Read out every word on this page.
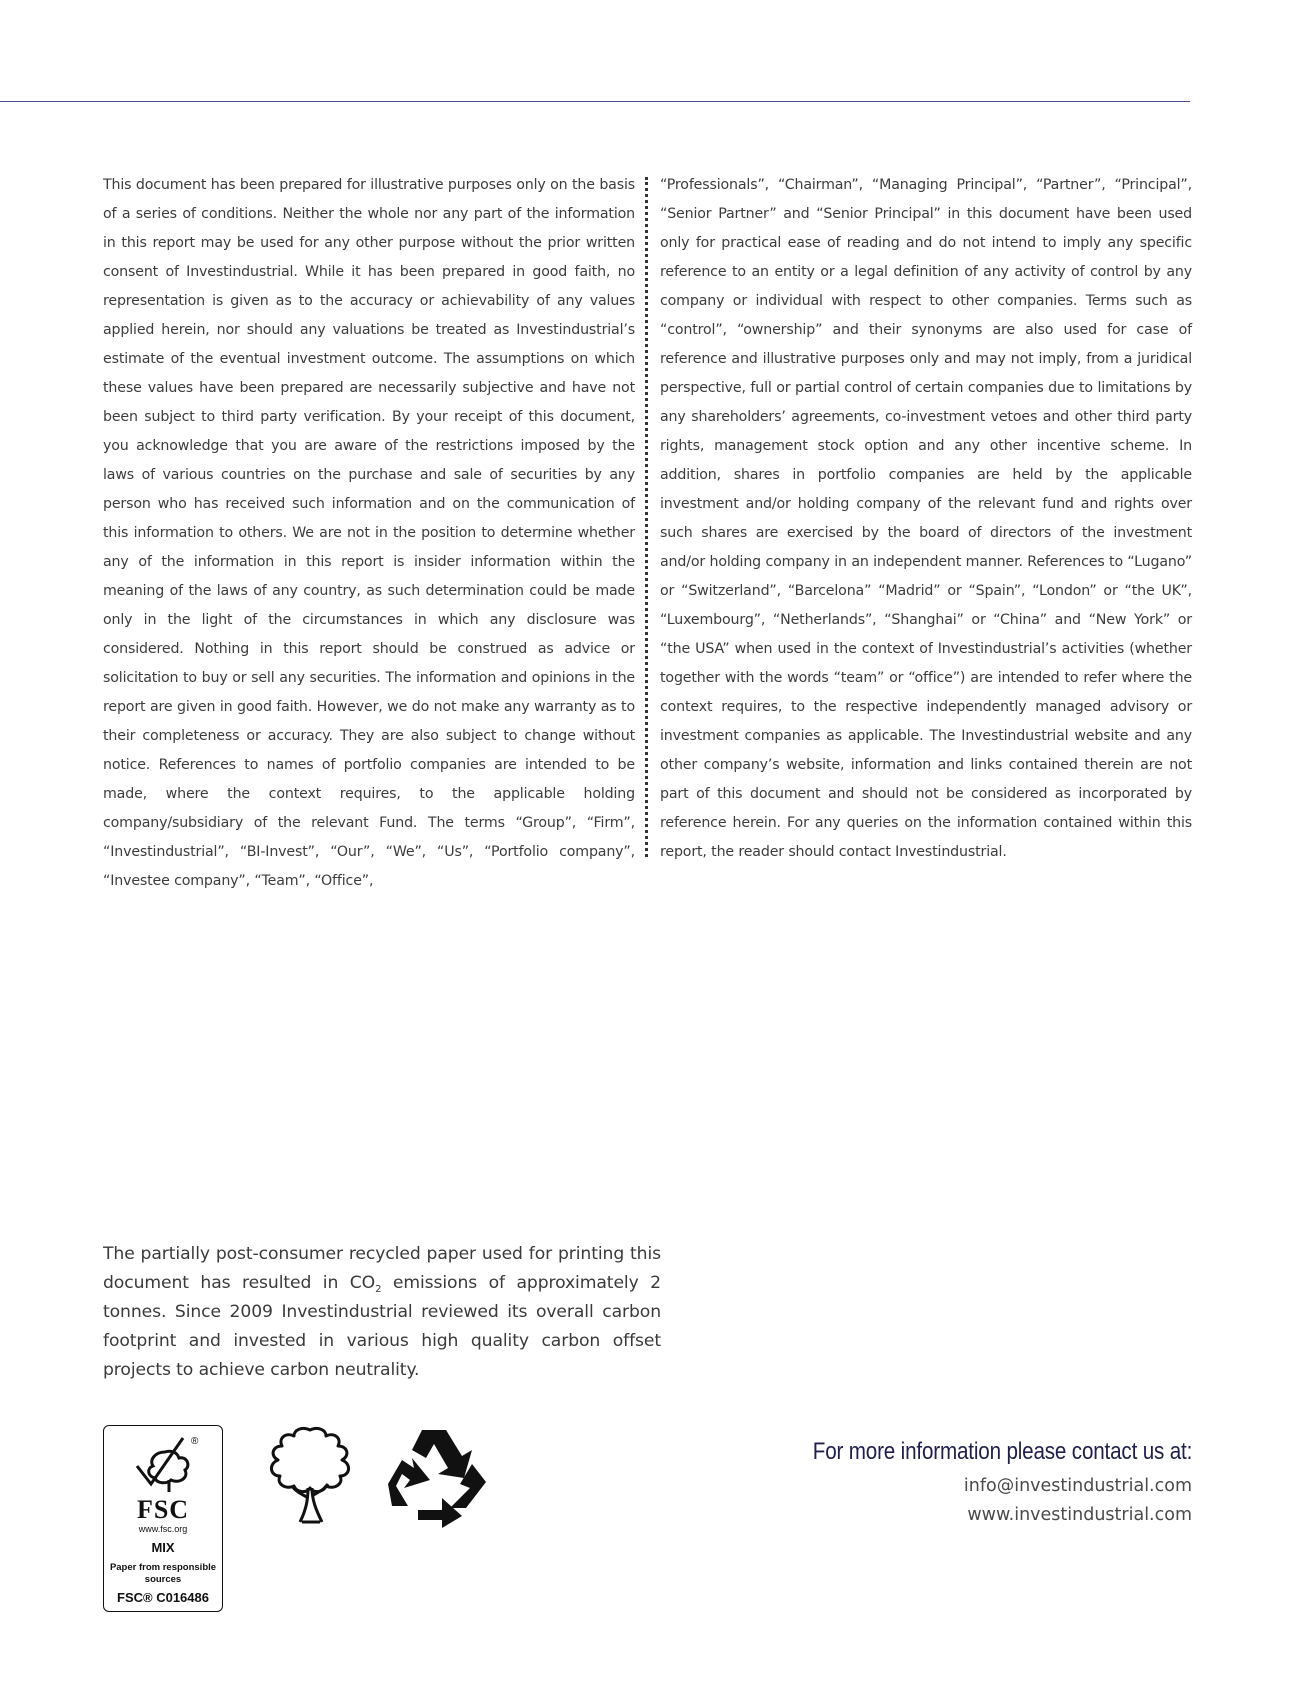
This document has been prepared for illustrative purposes only on the basis of a series of conditions. Neither the whole nor any part of the information in this report may be used for any other purpose without the prior written consent of Investindustrial. While it has been prepared in good faith, no representation is given as to the accuracy or achievability of any values applied herein, nor should any valuations be treated as Investindustrial’s estimate of the eventual investment outcome. The assumptions on which these values have been prepared are necessarily subjective and have not been subject to third party verification. By your receipt of this document, you acknowledge that you are aware of the restrictions imposed by the laws of various countries on the purchase and sale of securities by any person who has received such information and on the communication of this information to others. We are not in the position to determine whether any of the information in this report is insider information within the meaning of the laws of any country, as such determination could be made only in the light of the circumstances in which any disclosure was considered. Nothing in this report should be construed as advice or solicitation to buy or sell any securities. The information and opinions in the report are given in good faith. However, we do not make any warranty as to their completeness or accuracy. They are also subject to change without notice. References to names of portfolio companies are intended to be made, where the context requires, to the applicable holding company/subsidiary of the relevant Fund. The terms “Group”, “Firm”, “Investindustrial”, “BI-Invest”, “Our”, “We”, “Us”, “Portfolio company”, “Investee company”, “Team”, “Office”,
“Professionals”, “Chairman”, “Managing Principal”, “Partner”, “Principal”, “Senior Partner” and “Senior Principal” in this document have been used only for practical ease of reading and do not intend to imply any specific reference to an entity or a legal definition of any activity of control by any company or individual with respect to other companies. Terms such as “control”, “ownership” and their synonyms are also used for case of reference and illustrative purposes only and may not imply, from a juridical perspective, full or partial control of certain companies due to limitations by any shareholders’ agreements, co-investment vetoes and other third party rights, management stock option and any other incentive scheme. In addition, shares in portfolio companies are held by the applicable investment and/or holding company of the relevant fund and rights over such shares are exercised by the board of directors of the investment and/or holding company in an independent manner. References to “Lugano” or “Switzerland”, “Barcelona” “Madrid” or “Spain”, “London” or “the UK”, “Luxembourg”, “Netherlands”, “Shanghai” or “China” and “New York” or “the USA” when used in the context of Investindustrial’s activities (whether together with the words “team” or “office”) are intended to refer where the context requires, to the respective independently managed advisory or investment companies as applicable. The Investindustrial website and any other company’s website, information and links contained therein are not part of this document and should not be considered as incorporated by reference herein. For any queries on the information contained within this report, the reader should contact Investindustrial.
The partially post-consumer recycled paper used for printing this document has resulted in $CO_2$ emissions of approximately 2 tonnes. Since 2009 Investindustrial reviewed its overall carbon footprint and invested in various high quality carbon offset projects to achieve carbon neutrality.
®
FSC
www.fsc.org
MIX
Paper from responsible sources
FSC® C016486
For more information please contact us at:
info@investindustrial.com
www.investindustrial.com
